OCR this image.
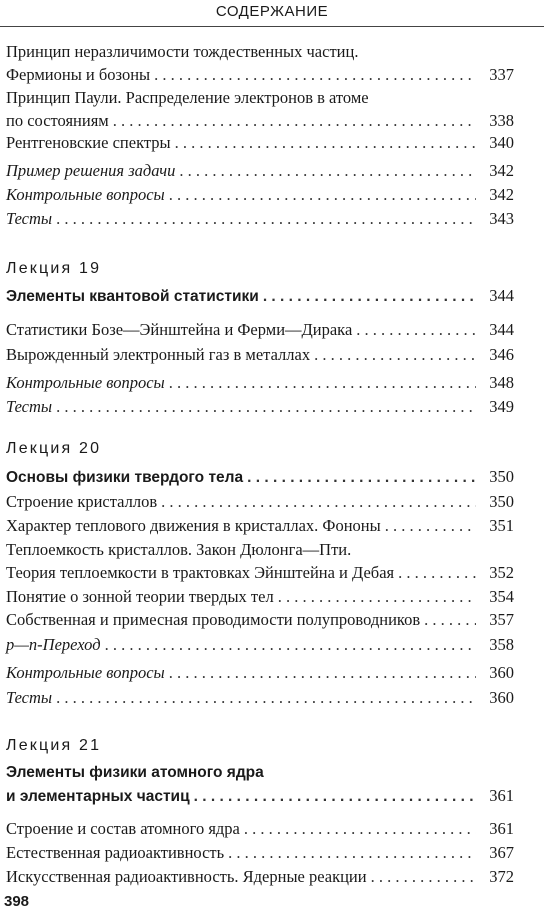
СОДЕРЖАНИЕ
Принцип неразличимости тождественных частиц.
Фермионы и бозоны . . .	337
Принцип Паули. Распределение электронов в атоме
по состояниям . . .	338
Рентгеновские спектры . . .	340
Пример решения задачи . . .	342
Контрольные вопросы . . .	342
Тесты . . .	343
Лекция 19
Элементы квантовой статистики . . .	344
Статистики Бозе—Эйнштейна и Ферми—Дирака . . .	344
Вырожденный электронный газ в металлах . . .	346
Контрольные вопросы . . .	348
Тесты . . .	349
Лекция 20
Основы физики твердого тела . . .	350
Строение кристаллов . . .	350
Характер теплового движения в кристаллах. Фононы . . .	351
Теплоемкость кристаллов. Закон Дюлонга—Пти.
Теория теплоемкости в трактовках Эйнштейна и Дебая . . .	352
Понятие о зонной теории твердых тел . . .	354
Собственная и примесная проводимости полупроводников . . .	357
p—n-Переход . . .	358
Контрольные вопросы . . .	360
Тесты . . .	360
Лекция 21
Элементы физики атомного ядра
и элементарных частиц . . .	361
Строение и состав атомного ядра . . .	361
Естественная радиоактивность . . .	367
Искусственная радиоактивность. Ядерные реакции . . .	372
398
